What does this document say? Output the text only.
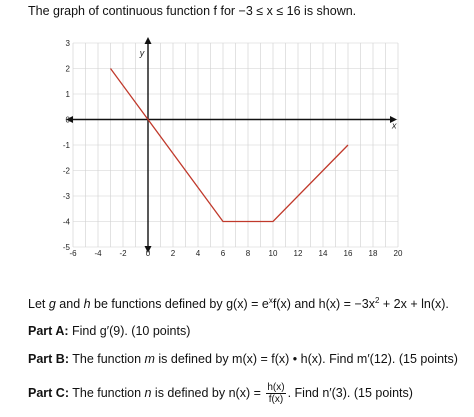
The graph of continuous function f for −3 ≤ x ≤ 16 is shown.
-6 -4 -2 0	2	4	6	8 10 12 14 16 18 20
3
2
1
0
-1
-2
-3
-4
-5
x
y
Let g and h be functions defined by $g(x) = e^xf(x)$ and $h(x) = -3x^2 + 2x + \ln(x)$.
Part A: Find g′(9). (10 points)
Part B: The function m is defined by m(x) = f(x) • h(x). Find m′(12). (15 points)
Part C: The function n is defined by $n(x) = \frac{h(x)}{f(x)}$ . Find n′(3). (15 points)
